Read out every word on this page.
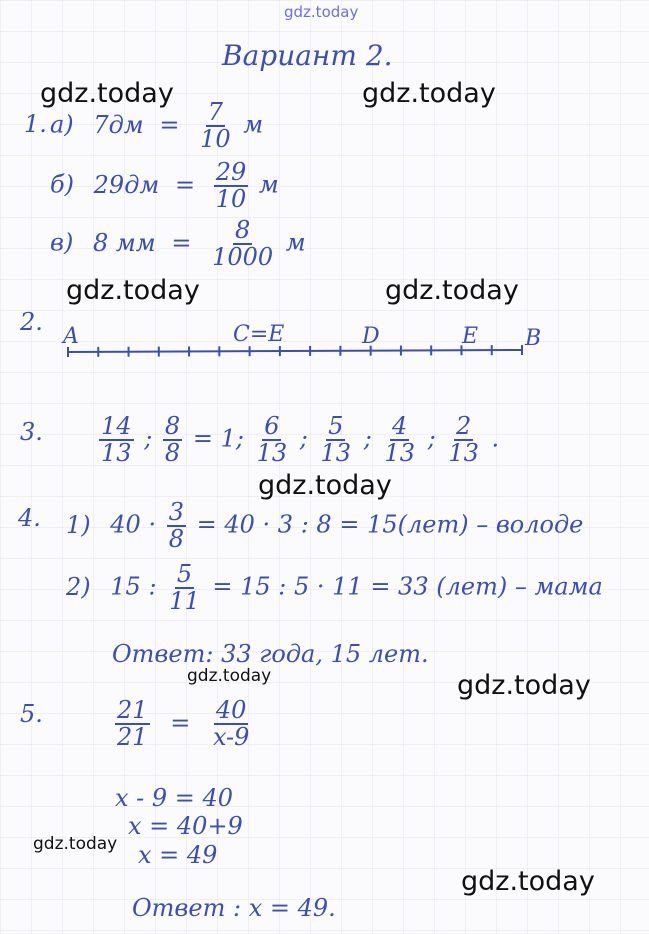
gdz.today
gdz.today	gdz.today
gdz.today	gdz.today
gdz.today
gdz.today	gdz.today
gdz.today
gdz.today
Вариант 2.
1. а) $7дм = \frac{7}{10}$ м
б) $29дм = \frac{29}{10}$ м
в) 8 мм = $\frac{8}{1000}$ м
2.
A	C=E	D	E B
3. $\frac{14}{13}$ ; $\frac{8}{8} = 1$; $\frac{6}{13}$ ; $\frac{5}{13}$ ; $\frac{4}{13}$ ; $\frac{2}{13}$ .
4. 1) $40 \cdot \frac{3}{8} = 40 \cdot 3$ : 8 = 15(лет) – володе
2) 15 : $\frac{5}{11} = 15$ : 5 · 11 = 33 (лет) – мама
Ответ: 33 года, 15 лет.
5.	$\frac{21}{21} = \frac{40}{x-9}$
x - 9 = 40
x = 40+9
x = 49
Ответ : x = 49.
